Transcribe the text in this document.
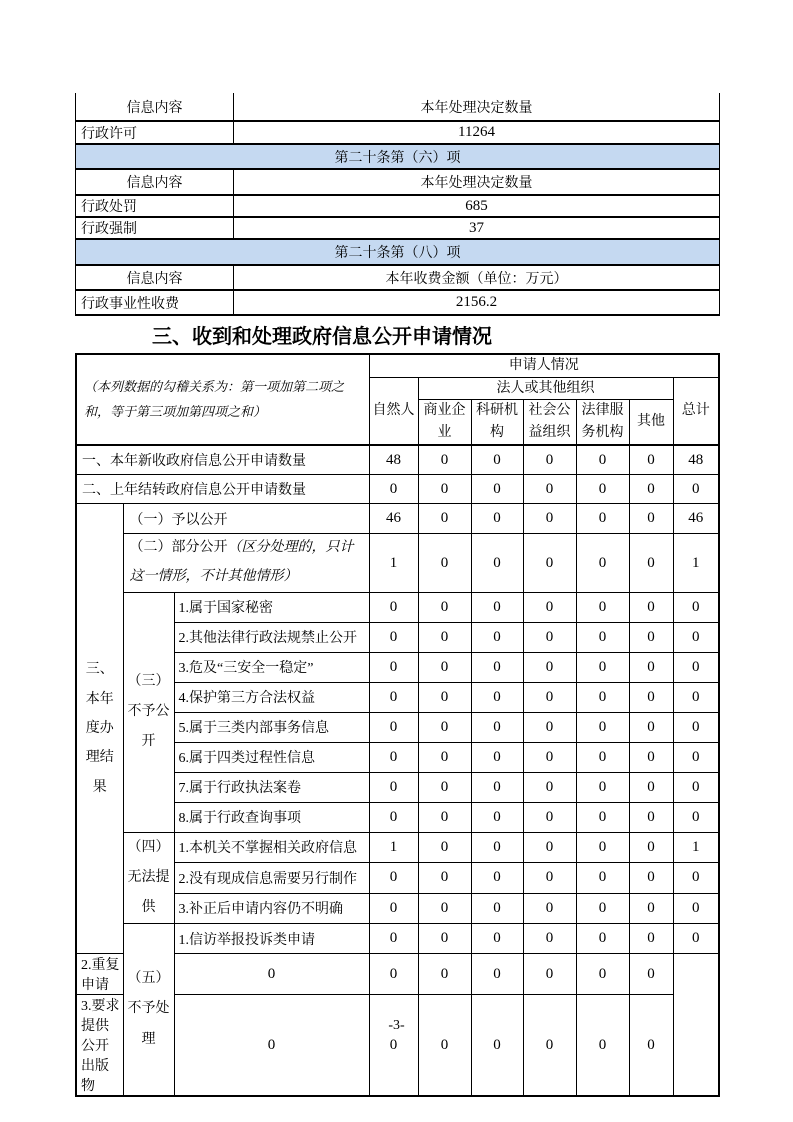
信息内容	本年处理决定数量
行政许可	11264
第二十条第（六）项	
信息内容	本年处理决定数量
行政处罚	685
行政强制	37
第二十条第（八）项	
信息内容	本年收费金额（单位：万元）
行政事业性收费	2156.2
三、收到和处理政府信息公开申请情况
（本列数据的勾稽关系为：第一项加第二项之和，等于第三项加第四项之和）			申请人情况						
			自然人	法人或其他组织					总计
				商业企业	科研机构	社会公益组织	法律服务机构	其他	
一、本年新收政府信息公开申请数量			48	0	0	0	0	0	48
二、上年结转政府信息公开申请数量			0	0	0	0	0	0	0
三、本年度办理结果	（一）予以公开		46	0	0	0	0	0	46
	（二）部分公开（区分处理的，只计这一情形，不计其他情形）		1	0	0	0	0	0	1
	（三）不予公开	1.属于国家秘密	0	0	0	0	0	0	0
		2.其他法律行政法规禁止公开	0	0	0	0	0	0	0
		3.危及“三安全一稳定”	0	0	0	0	0	0	0
		4.保护第三方合法权益	0	0	0	0	0	0	0
		5.属于三类内部事务信息	0	0	0	0	0	0	0
		6.属于四类过程性信息	0	0	0	0	0	0	0
		7.属于行政执法案卷	0	0	0	0	0	0	0
		8.属于行政查询事项	0	0	0	0	0	0	0
	（四）无法提供	1.本机关不掌握相关政府信息	1	0	0	0	0	0	1
		2.没有现成信息需要另行制作	0	0	0	0	0	0	0
		3.补正后申请内容仍不明确	0	0	0	0	0	0	0
	（五）不予处理	1.信访举报投诉类申请	0	0	0	0	0	0	0
2.重复申请		0	0	0	0	0	0	0	
3.要求提供公开出版物		0	0	0	0	0	0	0	
-3-
